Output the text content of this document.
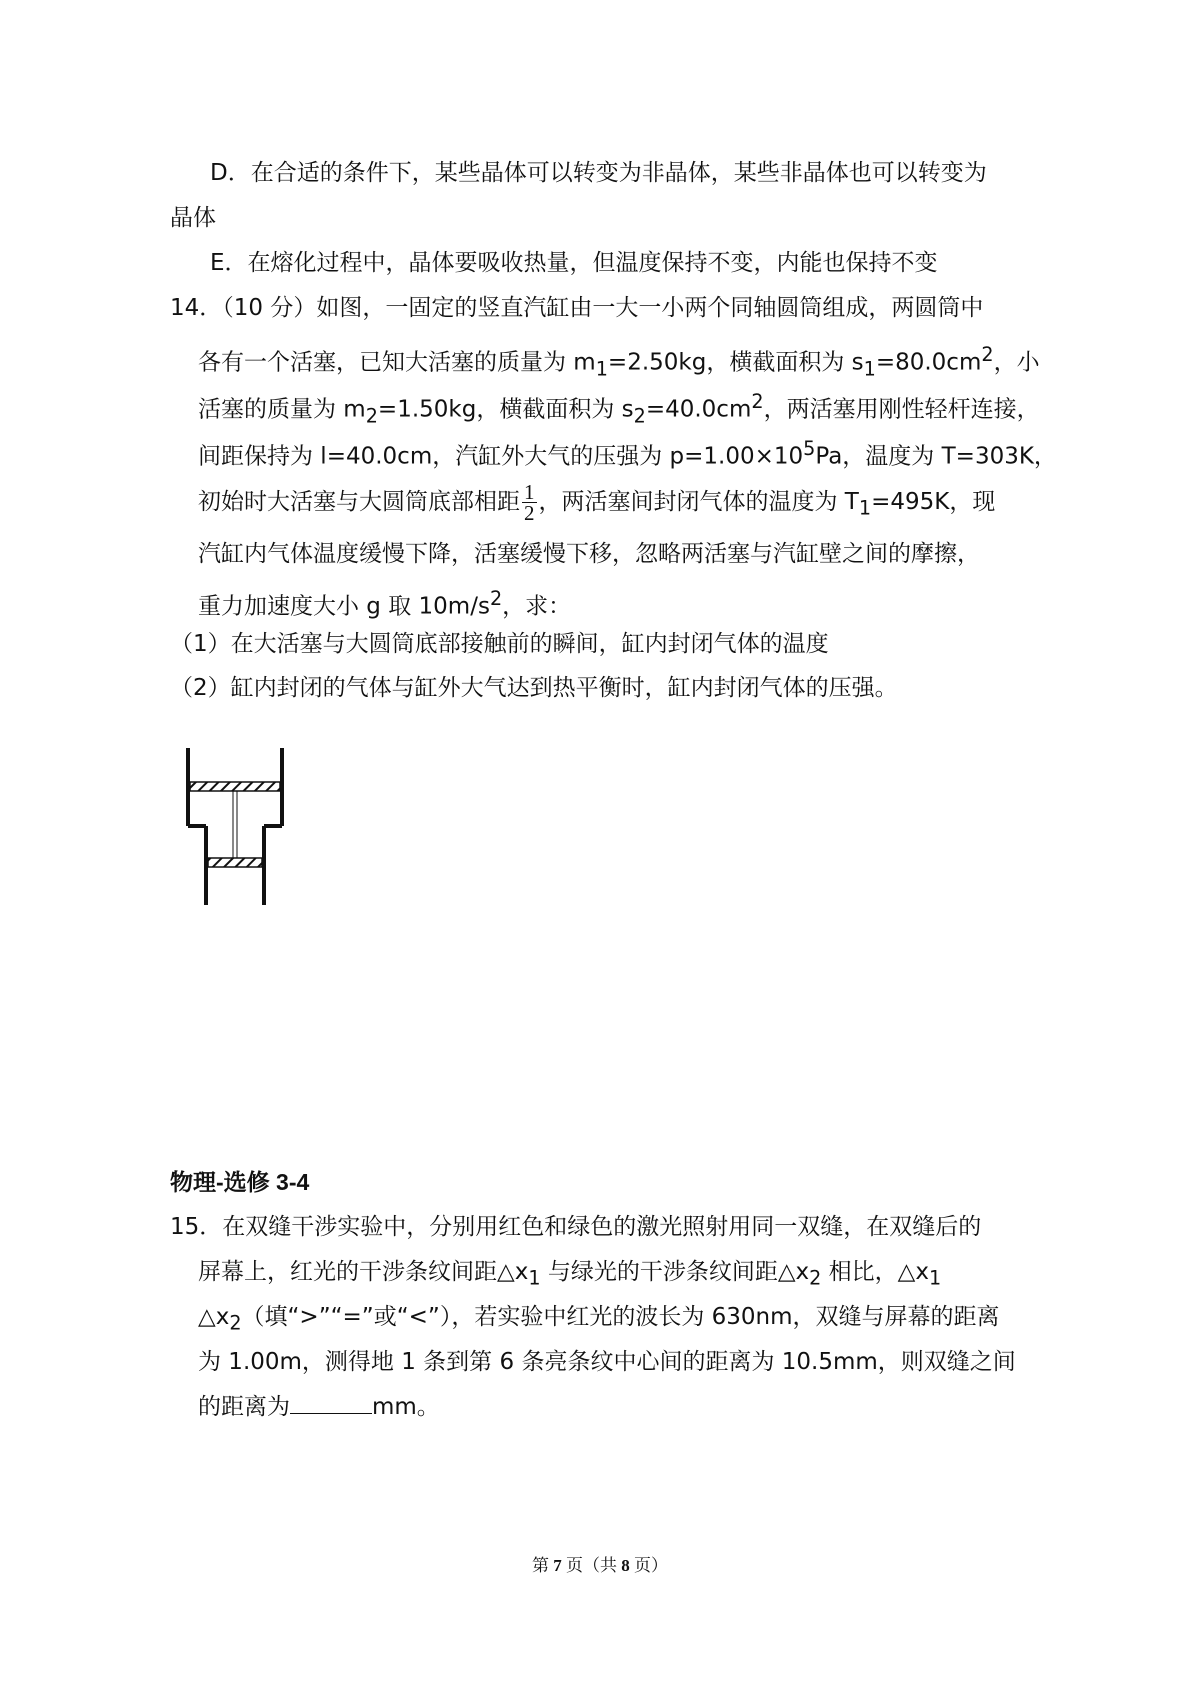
D．在合适的条件下，某些晶体可以转变为非晶体，某些非晶体也可以转变为
晶体
E．在熔化过程中，晶体要吸收热量，但温度保持不变，内能也保持不变
14．（10 分）如图，一固定的竖直汽缸由一大一小两个同轴圆筒组成，两圆筒中
各有一个活塞，已知大活塞的质量为 $m_1=2.50kg$，横截面积为 $s_1=80.0cm^2$，小
活塞的质量为 $m_2=1.50kg$，横截面积为 $s_2=40.0cm^2$，两活塞用刚性轻杆连接，
间距保持为 l=40.0cm，汽缸外大气的压强为 $p=1.00\times 10^5Pa$，温度为 T=303K，
初始时大活塞与大圆筒底部相距 $\frac{1}{2}$ ，两活塞间封闭气体的温度为 $T_1=495K$，现
汽缸内气体温度缓慢下降，活塞缓慢下移，忽略两活塞与汽缸壁之间的摩擦，
重力加速度大小 g 取 $10m/s^2$，求：
（1）在大活塞与大圆筒底部接触前的瞬间，缸内封闭气体的温度
（2）缸内封闭的气体与缸外大气达到热平衡时，缸内封闭气体的压强。
物理-选修 3-4
15．在双缝干涉实验中，分别用红色和绿色的激光照射用同一双缝，在双缝后的
屏幕上，红光的干涉条纹间距$\triangle x_1$ 与绿光的干涉条纹间距$\triangle x_2$ 相比，$\triangle x_1$
$\triangle x_2$（填“>”“=”或“<”），若实验中红光的波长为 630nm，双缝与屏幕的距离
为 1.00m，测得地 1 条到第 6 条亮条纹中心间的距离为 10.5mm，则双缝之间
的距离为	mm。
第 7 页（共 8 页）
